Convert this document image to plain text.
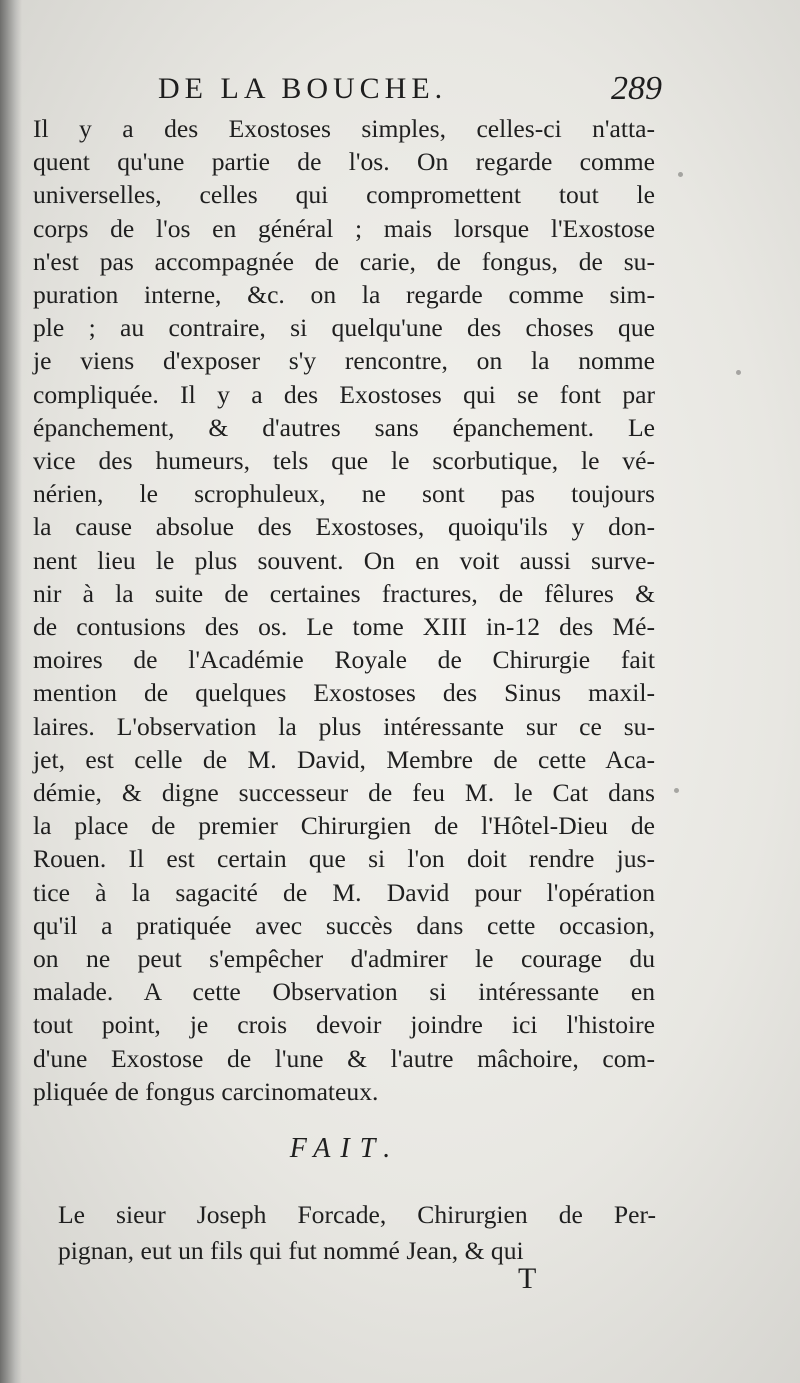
DE LA BOUCHE.	289
Il y a des Exostoses simples, celles-ci n'atta-
quent qu'une partie de l'os. On regarde comme
universelles, celles qui compromettent tout le
corps de l'os en général ; mais lorsque l'Exostose
n'est pas accompagnée de carie, de fongus, de su-
puration interne, &c. on la regarde comme sim-
ple ; au contraire, si quelqu'une des choses que
je viens d'exposer s'y rencontre, on la nomme
compliquée. Il y a des Exostoses qui se font par
épanchement, & d'autres sans épanchement. Le
vice des humeurs, tels que le scorbutique, le vé-
nérien, le scrophuleux, ne sont pas toujours
la cause absolue des Exostoses, quoiqu'ils y don-
nent lieu le plus souvent. On en voit aussi surve-
nir à la suite de certaines fractures, de fêlures &
de contusions des os. Le tome XIII in-12 des Mé-
moires de l'Académie Royale de Chirurgie fait
mention de quelques Exostoses des Sinus maxil-
laires. L'observation la plus intéressante sur ce su-
jet, est celle de M. David, Membre de cette Aca-
démie, & digne successeur de feu M. le Cat dans
la place de premier Chirurgien de l'Hôtel-Dieu de
Rouen. Il est certain que si l'on doit rendre jus-
tice à la sagacité de M. David pour l'opération
qu'il a pratiquée avec succès dans cette occasion,
on ne peut s'empêcher d'admirer le courage du
malade. A cette Observation si intéressante en
tout point, je crois devoir joindre ici l'histoire
d'une Exostose de l'une & l'autre mâchoire, com-
pliquée de fongus carcinomateux.
FAIT.
Le sieur Joseph Forcade, Chirurgien de Per-
pignan, eut un fils qui fut nommé Jean, & qui
T
